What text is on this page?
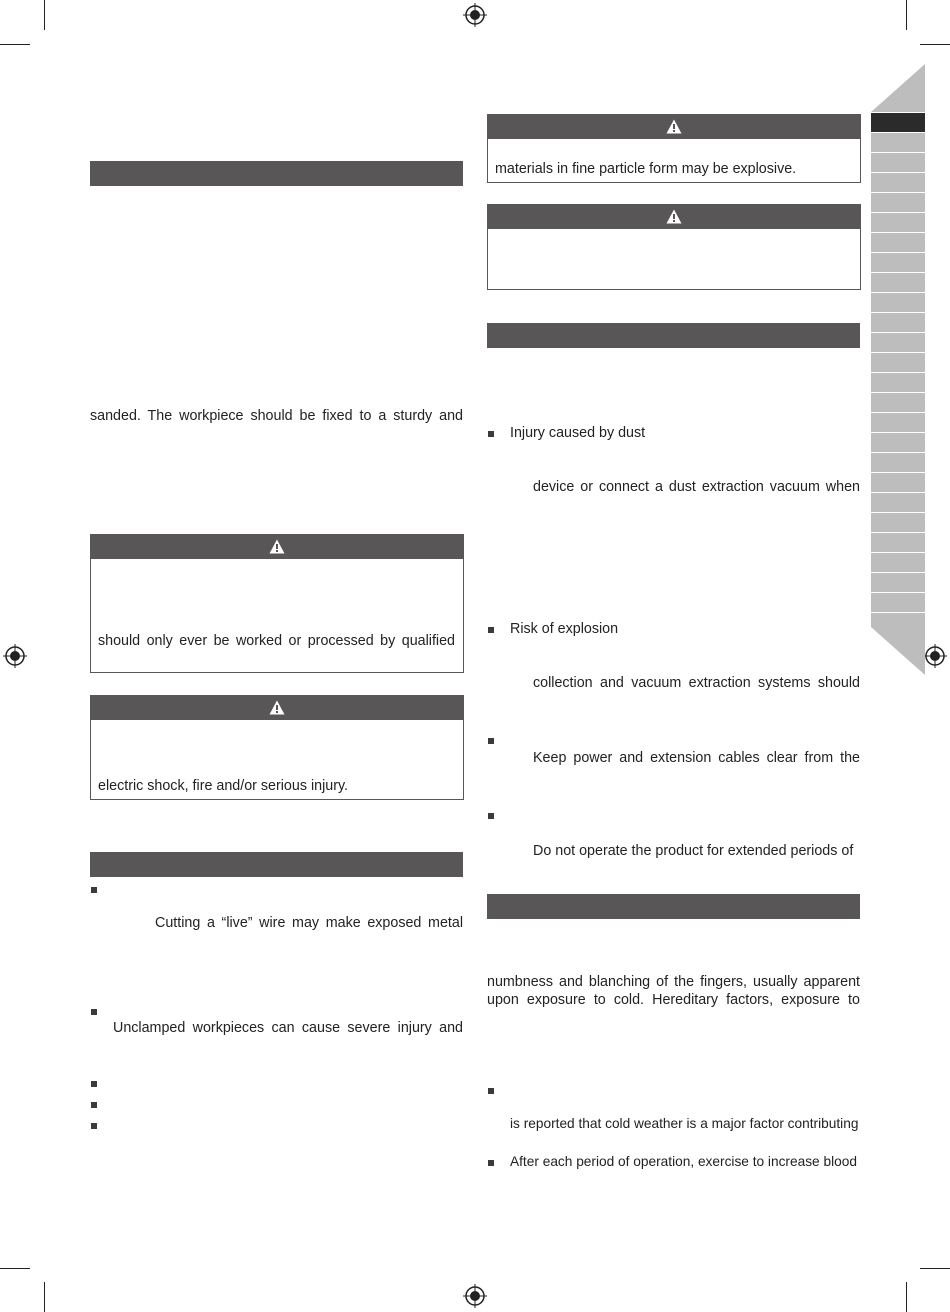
sanded. The workpiece should be fixed to a sturdy and
should only ever be worked or processed by qualified
electric shock, fire and/or serious injury.
Cutting a “live” wire may make exposed metal
Unclamped workpieces can cause severe injury and
materials in fine particle form may be explosive.
Injury caused by dust
device or connect a dust extraction vacuum when
Risk of explosion
collection and vacuum extraction systems should
Keep power and extension cables clear from the
Do not operate the product for extended periods of
numbness and blanching of the fingers, usually apparent
upon exposure to cold. Hereditary factors, exposure to
is reported that cold weather is a major factor contributing
After each period of operation, exercise to increase blood
